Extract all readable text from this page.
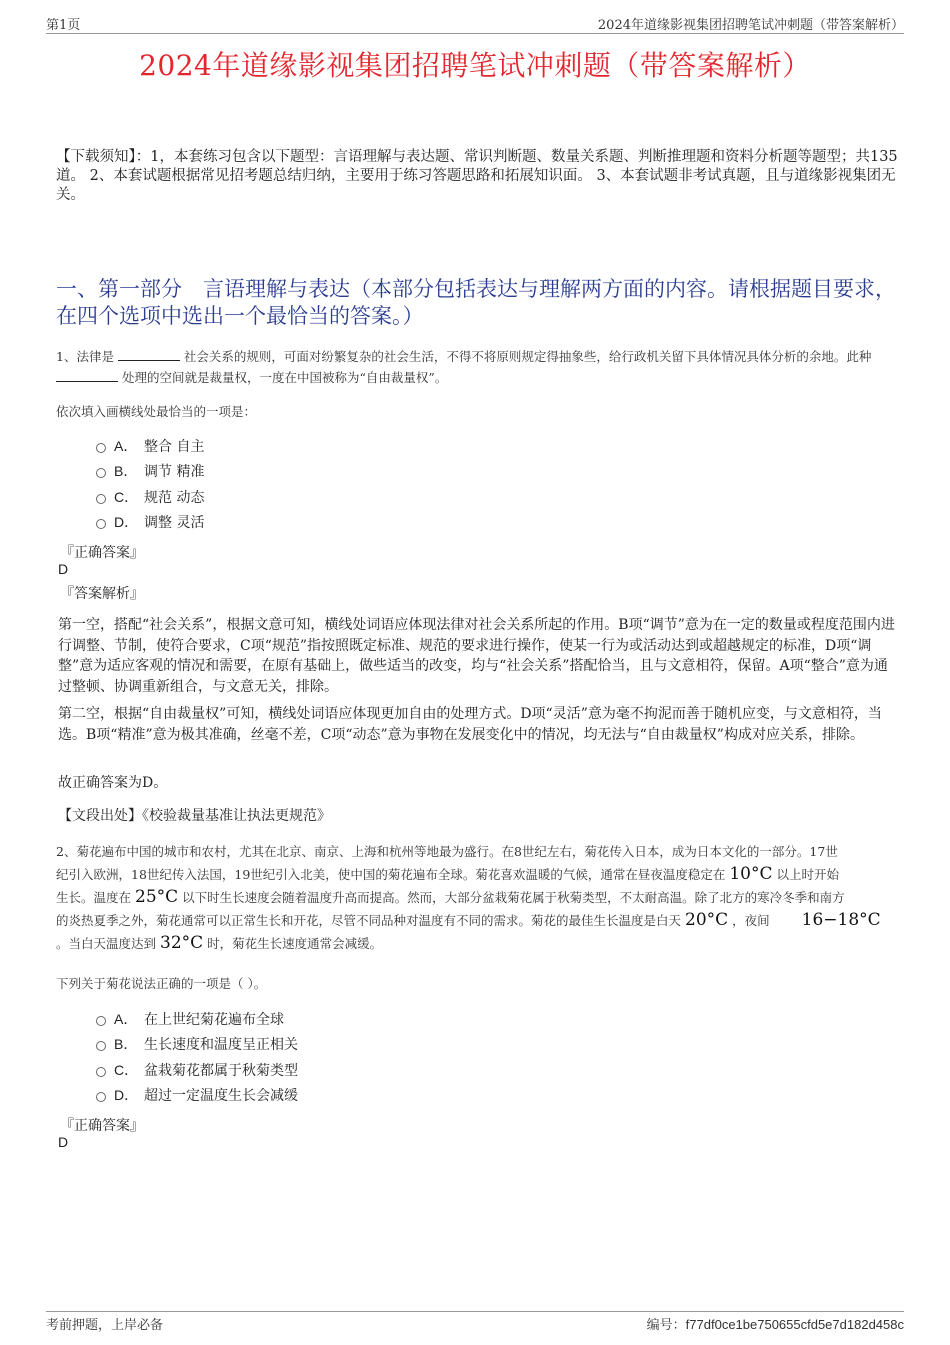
第1页	2024年道缘影视集团招聘笔试冲刺题（带答案解析）
2024年道缘影视集团招聘笔试冲刺题（带答案解析）
【下载须知】：1，本套练习包含以下题型：言语理解与表达题、常识判断题、数量关系题、判断推理题和资料分析题等题型；共135道。 2、本套试题根据常见招考题总结归纳，主要用于练习答题思路和拓展知识面。 3、本套试题非考试真题，且与道缘影视集团无关。
一、第一部分　言语理解与表达（本部分包括表达与理解两方面的内容。请根据题目要求，在四个选项中选出一个最恰当的答案。）
1、法律是	社会关系的规则，可面对纷繁复杂的社会生活，不得不将原则规定得抽象些，给行政机关留下具体情况具体分析的余地。此种  处理的空间就是裁量权，一度在中国被称为“自由裁量权”。
依次填入画横线处最恰当的一项是：
A． 整合 自主
B． 调节 精准
C． 规范 动态
D． 调整 灵活
『正确答案』
D
『答案解析』
第一空，搭配“社会关系”，根据文意可知，横线处词语应体现法律对社会关系所起的作用。B项“调节”意为在一定的数量或程度范围内进行调整、节制，使符合要求，C项“规范”指按照既定标准、规范的要求进行操作，使某一行为或活动达到或超越规定的标准，D项“调整”意为适应客观的情况和需要，在原有基础上，做些适当的改变，均与“社会关系”搭配恰当，且与文意相符，保留。A项“整合”意为通过整顿、协调重新组合，与文意无关，排除。
第二空，根据“自由裁量权”可知，横线处词语应体现更加自由的处理方式。D项“灵活”意为毫不拘泥而善于随机应变，与文意相符，当选。B项“精准”意为极其准确，丝毫不差，C项“动态”意为事物在发展变化中的情况，均无法与“自由裁量权”构成对应关系，排除。
故正确答案为D。
【文段出处】《校验裁量基准让执法更规范》
2、菊花遍布中国的城市和农村，尤其在北京、南京、上海和杭州等地最为盛行。在8世纪左右，菊花传入日本，成为日本文化的一部分。17世
纪引入欧洲，18世纪传入法国，19世纪引入北美，使中国的菊花遍布全球。菊花喜欢温暖的气候，通常在昼夜温度稳定在 10°C 以上时开始
生长。温度在 25°C 以下时生长速度会随着温度升高而提高。然而，大部分盆栽菊花属于秋菊类型，不太耐高温。除了北方的寒冷冬季和南方
的炎热夏季之外，菊花通常可以正常生长和开花，尽管不同品种对温度有不同的需求。菊花的最佳生长温度是白天 20°C ，夜间 16−18°C
。当白天温度达到 32°C 时，菊花生长速度通常会减缓。
下列关于菊花说法正确的一项是（ ）。
A． 在上世纪菊花遍布全球
B． 生长速度和温度呈正相关
C． 盆栽菊花都属于秋菊类型
D． 超过一定温度生长会减缓
『正确答案』
D
考前押题，上岸必备	编号：f77df0ce1be750655cfd5e7d182d458c
